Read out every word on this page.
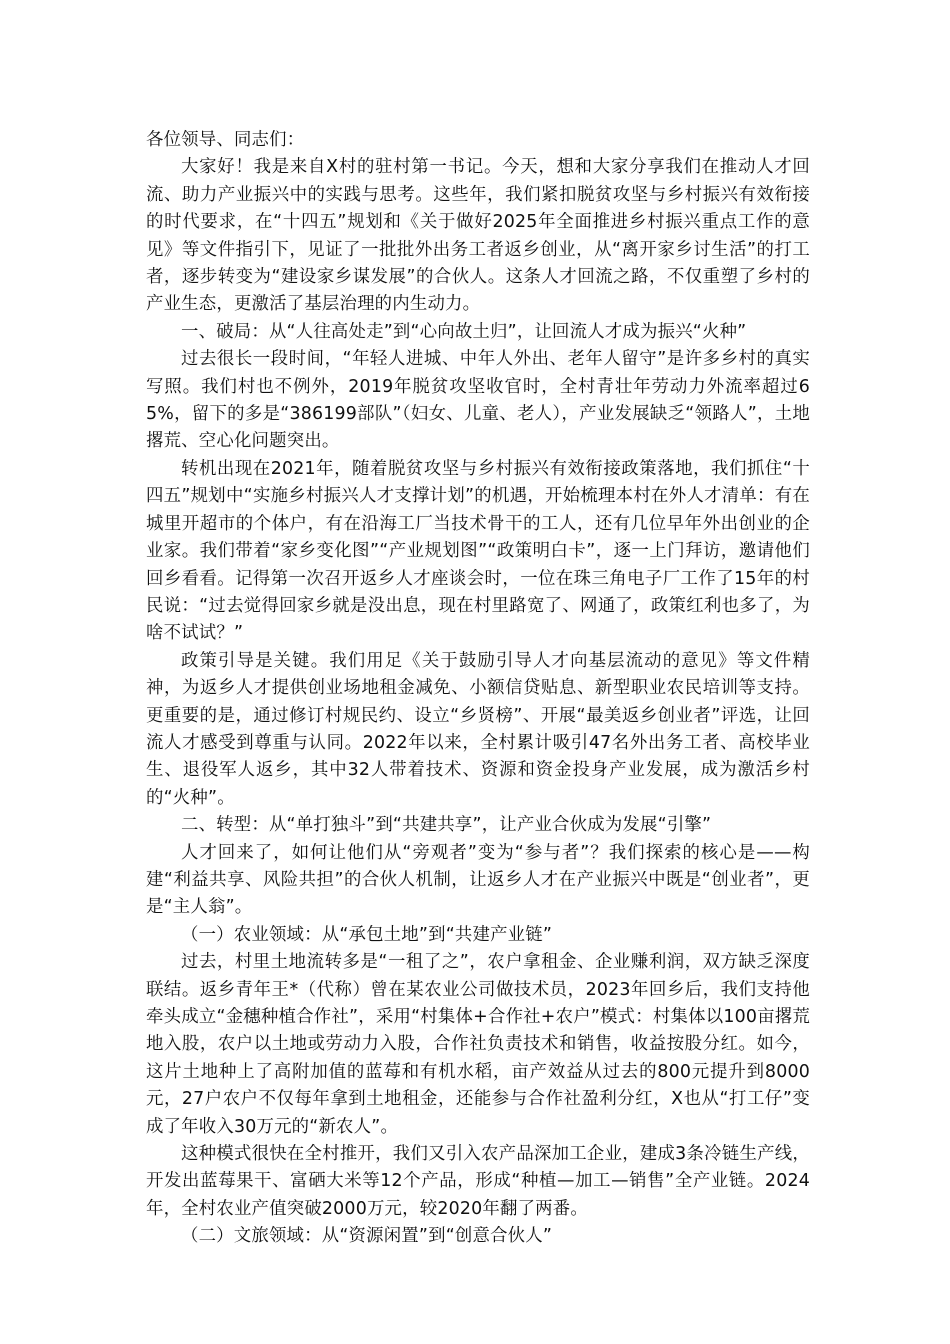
各位领导、同志们：

大家好！我是来自X村的驻村第一书记。今天，想和大家分享我们在推动人才回流、助力产业振兴中的实践与思考。这些年，我们紧扣脱贫攻坚与乡村振兴有效衔接的时代要求，在“十四五”规划和《关于做好2025年全面推进乡村振兴重点工作的意见》等文件指引下，见证了一批批外出务工者返乡创业，从“离开家乡讨生活”的打工者，逐步转变为“建设家乡谋发展”的合伙人。这条人才回流之路，不仅重塑了乡村的产业生态，更激活了基层治理的内生动力。

一、破局：从“人往高处走”到“心向故土归”，让回流人才成为振兴“火种”

过去很长一段时间，“年轻人进城、中年人外出、老年人留守”是许多乡村的真实写照。我们村也不例外，2019年脱贫攻坚收官时，全村青壮年劳动力外流率超过65%，留下的多是“386199部队”（妇女、儿童、老人），产业发展缺乏“领路人”，土地撂荒、空心化问题突出。

转机出现在2021年，随着脱贫攻坚与乡村振兴有效衔接政策落地，我们抓住“十四五”规划中“实施乡村振兴人才支撑计划”的机遇，开始梳理本村在外人才清单：有在城里开超市的个体户，有在沿海工厂当技术骨干的工人，还有几位早年外出创业的企业家。我们带着“家乡变化图”“产业规划图”“政策明白卡”，逐一上门拜访，邀请他们回乡看看。记得第一次召开返乡人才座谈会时，一位在珠三角电子厂工作了15年的村民说：“过去觉得回家乡就是没出息，现在村里路宽了、网通了，政策红利也多了，为啥不试试？”

政策引导是关键。我们用足《关于鼓励引导人才向基层流动的意见》等文件精神，为返乡人才提供创业场地租金减免、小额信贷贴息、新型职业农民培训等支持。更重要的是，通过修订村规民约、设立“乡贤榜”、开展“最美返乡创业者”评选，让回流人才感受到尊重与认同。2022年以来，全村累计吸引47名外出务工者、高校毕业生、退役军人返乡，其中32人带着技术、资源和资金投身产业发展，成为激活乡村的“火种”。

二、转型：从“单打独斗”到“共建共享”，让产业合伙成为发展“引擎”

人才回来了，如何让他们从“旁观者”变为“参与者”？我们探索的核心是——构建“利益共享、风险共担”的合伙人机制，让返乡人才在产业振兴中既是“创业者”，更是“主人翁”。

（一）农业领域：从“承包土地”到“共建产业链”

过去，村里土地流转多是“一租了之”，农户拿租金、企业赚利润，双方缺乏深度联结。返乡青年王*（代称）曾在某农业公司做技术员，2023年回乡后，我们支持他牵头成立“金穗种植合作社”，采用“村集体+合作社+农户”模式：村集体以100亩撂荒地入股，农户以土地或劳动力入股，合作社负责技术和销售，收益按股分红。如今，这片土地种上了高附加值的蓝莓和有机水稻，亩产效益从过去的800元提升到8000元，27户农户不仅每年拿到土地租金，还能参与合作社盈利分红，X也从“打工仔”变成了年收入30万元的“新农人”。

这种模式很快在全村推开，我们又引入农产品深加工企业，建成3条冷链生产线，开发出蓝莓果干、富硒大米等12个产品，形成“种植—加工—销售”全产业链。2024年，全村农业产值突破2000万元，较2020年翻了两番。

（二）文旅领域：从“资源闲置”到“创意合伙人”
